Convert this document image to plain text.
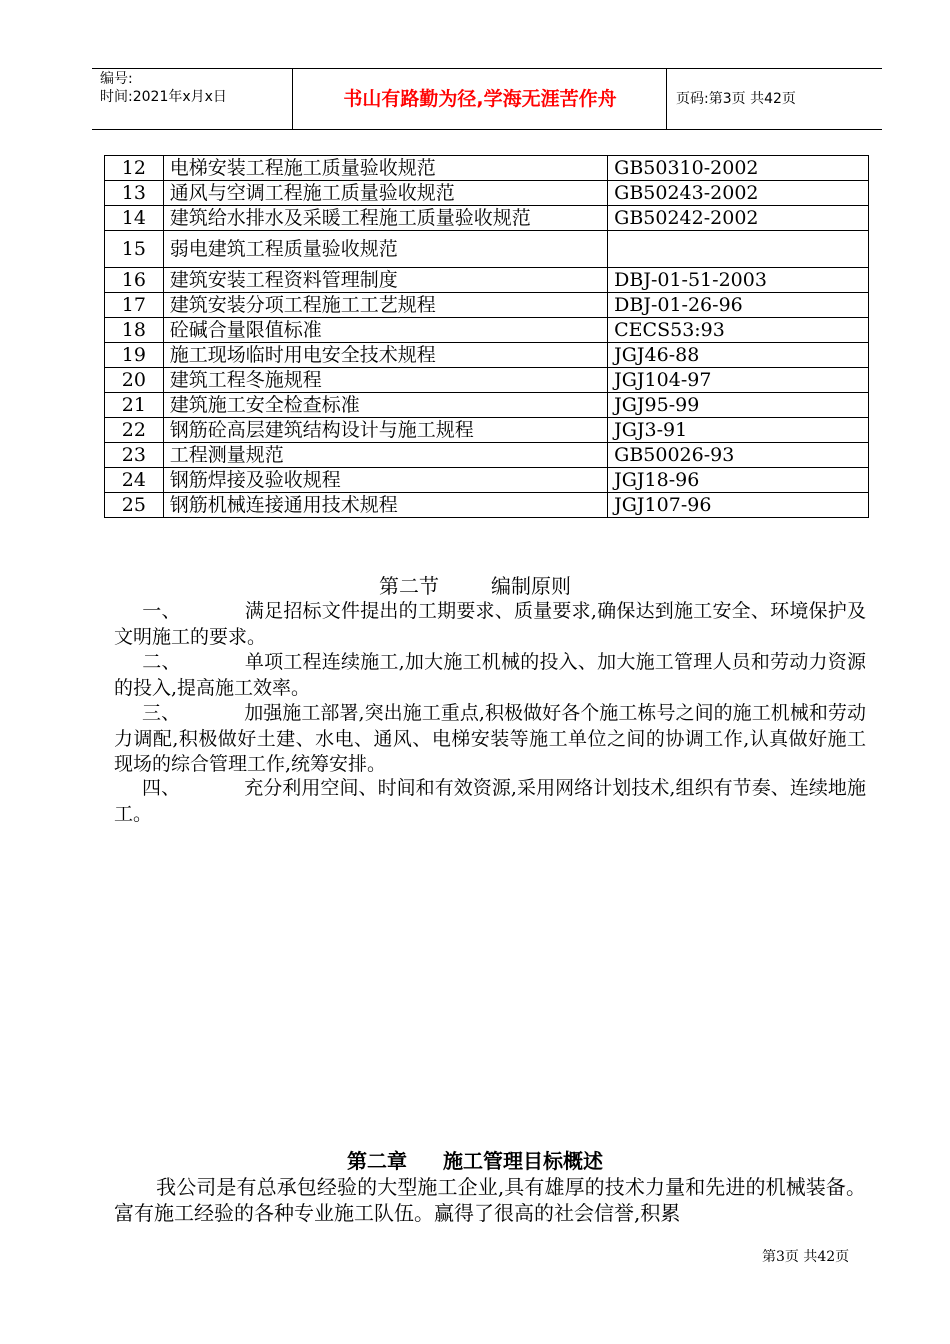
编号:
时间:2021年x月x日	书山有路勤为径,学海无涯苦作舟	页码:第3页 共42页
12	电梯安装工程施工质量验收规范	GB50310-2002
13	通风与空调工程施工质量验收规范	GB50243-2002
14	建筑给水排水及采暖工程施工质量验收规范	GB50242-2002
15	弱电建筑工程质量验收规范	
16	建筑安装工程资料管理制度	DBJ-01-51-2003
17	建筑安装分项工程施工工艺规程	DBJ-01-26-96
18	砼碱合量限值标准	CECS53:93
19	施工现场临时用电安全技术规程	JGJ46-88
20	建筑工程冬施规程	JGJ104-97
21	建筑施工安全检查标准	JGJ95-99
22	钢筋砼高层建筑结构设计与施工规程	JGJ3-91
23	工程测量规范	GB50026-93
24	钢筋焊接及验收规程	JGJ18-96
25	钢筋机械连接通用技术规程	JGJ107-96
第二节	编制原则
一、	满足招标文件提出的工期要求、质量要求,确保达到施工安全、环境保护及文明施工的要求。
二、	单项工程连续施工,加大施工机械的投入、加大施工管理人员和劳动力资源的投入,提高施工效率。
三、	加强施工部署,突出施工重点,积极做好各个施工栋号之间的施工机械和劳动力调配,积极做好土建、水电、通风、电梯安装等施工单位之间的协调工作,认真做好施工现场的综合管理工作,统筹安排。
四、	充分利用空间、时间和有效资源,采用网络计划技术,组织有节奏、连续地施工。
第二章 施工管理目标概述
我公司是有总承包经验的大型施工企业,具有雄厚的技术力量和先进的机械装备。富有施工经验的各种专业施工队伍。赢得了很高的社会信誉,积累
第3页 共42页
